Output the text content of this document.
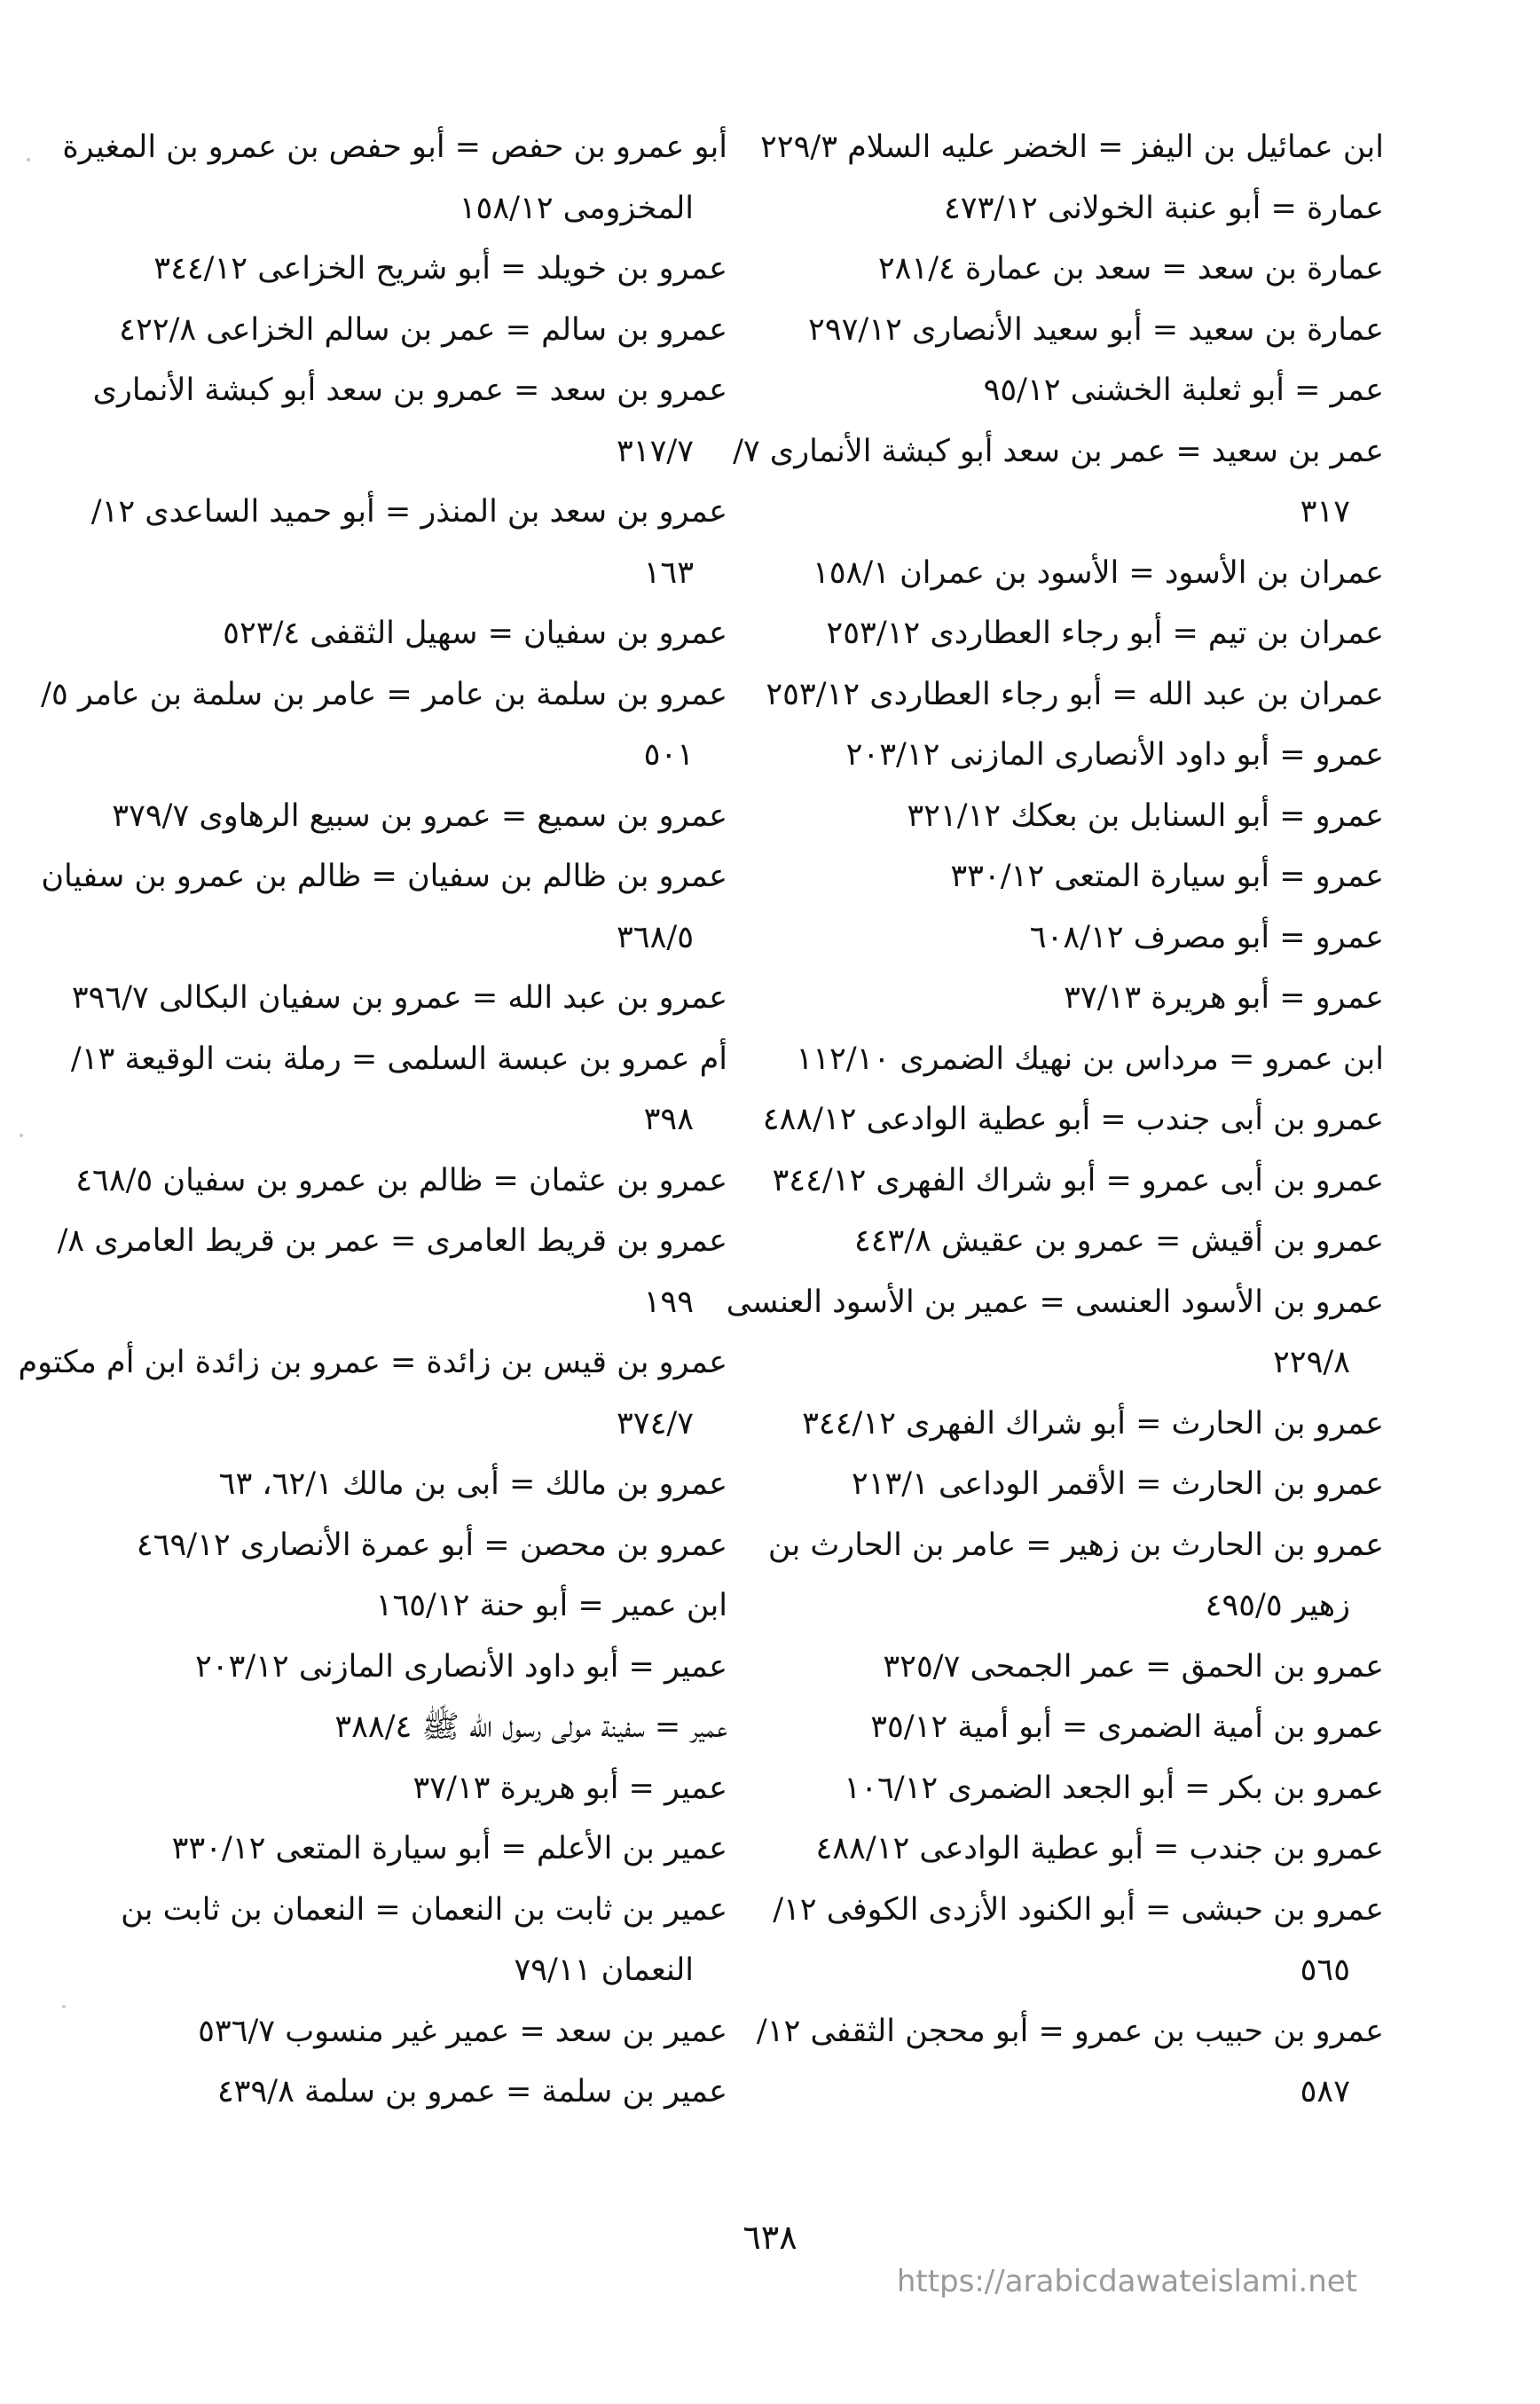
ابن عمائيل بن اليفز = الخضر عليه السلام ٢٢٩/٣
عمارة = أبو عنبة الخولانى ٤٧٣/١٢
عمارة بن سعد = سعد بن عمارة ٢٨١/٤
عمارة بن سعيد = أبو سعيد الأنصارى ٢٩٧/١٢
عمر = أبو ثعلبة الخشنى ٩٥/١٢
عمر بن سعيد = عمر بن سعد أبو كبشة الأنمارى ٧/
٣١٧
عمران بن الأسود = الأسود بن عمران ١٥٨/١
عمران بن تيم = أبو رجاء العطاردى ٢٥٣/١٢
عمران بن عبد الله = أبو رجاء العطاردى ٢٥٣/١٢
عمرو = أبو داود الأنصارى المازنى ٢٠٣/١٢
عمرو = أبو السنابل بن بعكك ٣٢١/١٢
عمرو = أبو سيارة المتعى ٣٣٠/١٢
عمرو = أبو مصرف ٦٠٨/١٢
عمرو = أبو هريرة ٣٧/١٣
ابن عمرو = مرداس بن نهيك الضمرى ١١٢/١٠
عمرو بن أبى جندب = أبو عطية الوادعى ٤٨٨/١٢
عمرو بن أبى عمرو = أبو شراك الفهرى ٣٤٤/١٢
عمرو بن أقيش = عمرو بن عقيش ٤٤٣/٨
عمرو بن الأسود العنسى = عمير بن الأسود العنسى
٢٢٩/٨
عمرو بن الحارث = أبو شراك الفهرى ٣٤٤/١٢
عمرو بن الحارث = الأقمر الوداعى ٢١٣/١
عمرو بن الحارث بن زهير = عامر بن الحارث بن
زهير ٤٩٥/٥
عمرو بن الحمق = عمر الجمحى ٣٢٥/٧
عمرو بن أمية الضمرى = أبو أمية ٣٥/١٢
عمرو بن بكر = أبو الجعد الضمرى ١٠٦/١٢
عمرو بن جندب = أبو عطية الوادعى ٤٨٨/١٢
عمرو بن حبشى = أبو الكنود الأزدى الكوفى ١٢/
٥٦٥
عمرو بن حبيب بن عمرو = أبو محجن الثقفى ١٢/
٥٨٧
أبو عمرو بن حفص = أبو حفص بن عمرو بن المغيرة
المخزومى ١٥٨/١٢
عمرو بن خويلد = أبو شريح الخزاعى ٣٤٤/١٢
عمرو بن سالم = عمر بن سالم الخزاعى ٤٢٢/٨
عمرو بن سعد = عمرو بن سعد أبو كبشة الأنمارى
٣١٧/٧
عمرو بن سعد بن المنذر = أبو حميد الساعدى ١٢/
١٦٣
عمرو بن سفيان = سهيل الثقفى ٥٢٣/٤
عمرو بن سلمة بن عامر = عامر بن سلمة بن عامر ٥/
٥٠١
عمرو بن سميع = عمرو بن سبيع الرهاوى ٣٧٩/٧
عمرو بن ظالم بن سفيان = ظالم بن عمرو بن سفيان
٣٦٨/٥
عمرو بن عبد الله = عمرو بن سفيان البكالى ٣٩٦/٧
أم عمرو بن عبسة السلمى = رملة بنت الوقيعة ١٣/
٣٩٨
عمرو بن عثمان = ظالم بن عمرو بن سفيان ٤٦٨/٥
عمرو بن قريط العامرى = عمر بن قريط العامرى ٨/
١٩٩
عمرو بن قيس بن زائدة = عمرو بن زائدة ابن أم مكتوم
٣٧٤/٧
عمرو بن مالك = أبى بن مالك ٦٢/١، ٦٣
عمرو بن محصن = أبو عمرة الأنصارى ٤٦٩/١٢
ابن عمير = أبو حنة ١٦٥/١٢
عمير = أبو داود الأنصارى المازنى ٢٠٣/١٢
عمير = سفينة مولى رسول الله ﷺ ٣٨٨/٤
عمير = أبو هريرة ٣٧/١٣
عمير بن الأعلم = أبو سيارة المتعى ٣٣٠/١٢
عمير بن ثابت بن النعمان = النعمان بن ثابت بن
النعمان ٧٩/١١
عمير بن سعد = عمير غير منسوب ٥٣٦/٧
عمير بن سلمة = عمرو بن سلمة ٤٣٩/٨
٦٣٨
https://arabicdawateislami.net
